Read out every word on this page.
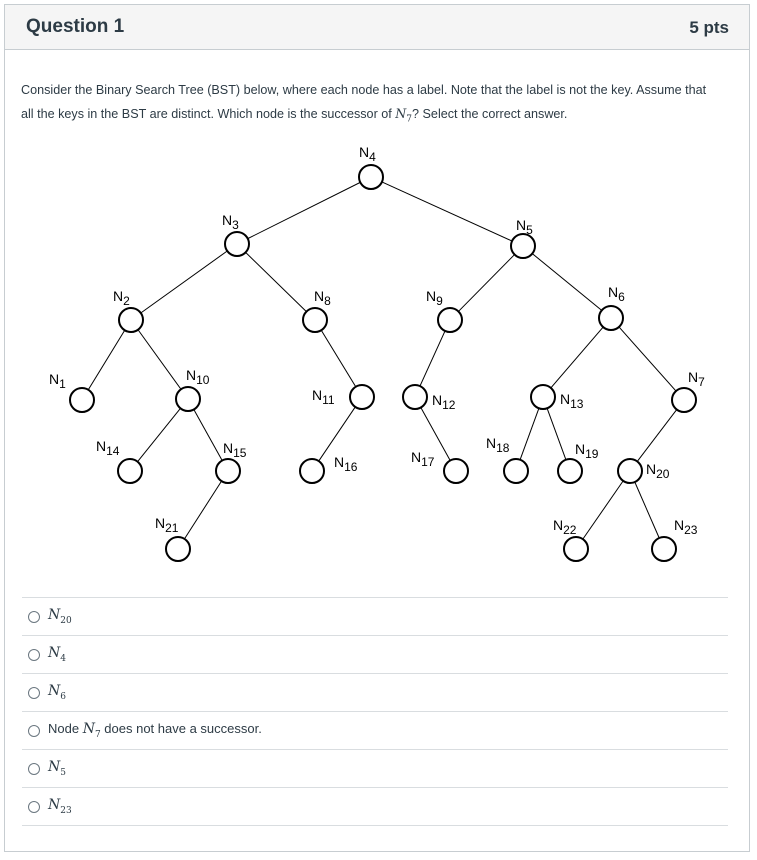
Question 1	5 pts
Consider the Binary Search Tree (BST) below, where each node has a label. Note that the label is not the key. Assume that all the keys in the BST are distinct. Which node is the successor of $N_7$? Select the correct answer.
N4
N3	N5
N2	N8	N9
N6
N1
N10
N11	N12	N13
N7
N14	N15
N16
N17
N18	N19
N20
N21	N22	N23
$N_{20}$
$N_4$
$N_6$
Node $N_7$ does not have a successor.
$N_5$
$N_{23}$
